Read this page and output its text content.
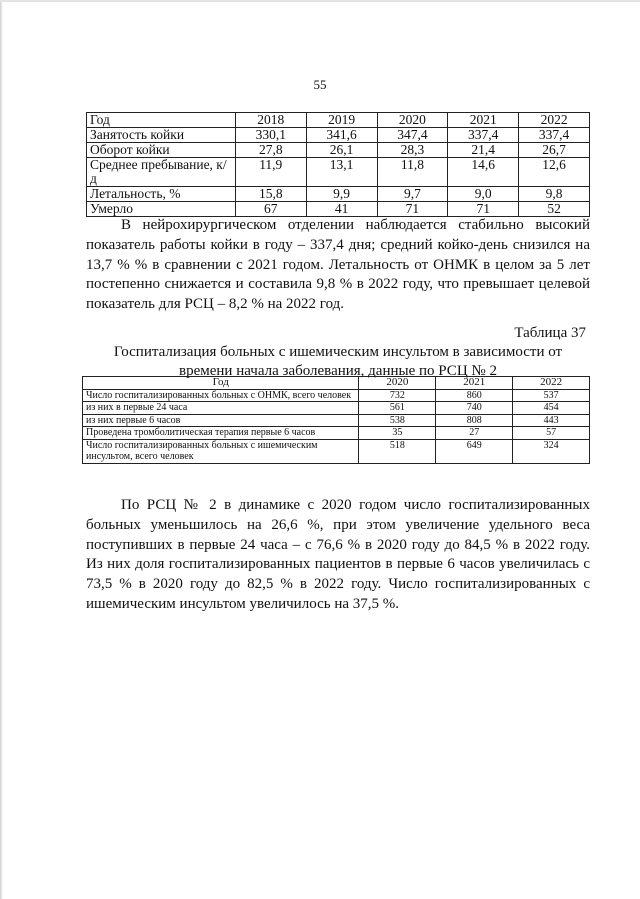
55
Год	2018	2019	2020	2021	2022
Занятость койки	330,1	341,6	347,4	337,4	337,4
Оборот койки	27,8	26,1	28,3	21,4	26,7
Среднее пребывание, к/д	11,9	13,1	11,8	14,6	12,6
Летальность, %	15,8	9,9	9,7	9,0	9,8
Умерло	67	41	71	71	52

В нейрохирургическом отделении наблюдается стабильно высокий показатель работы койки в году – 337,4 дня; средний койко-день снизился на 13,7 % % в сравнении с 2021 годом. Летальность от ОНМК в целом за 5 лет постепенно снижается и составила 9,8 % в 2022 году, что превышает целевой показатель для РСЦ – 8,2 % на 2022 год.

Таблица 37
Госпитализация больных с ишемическим инсультом в зависимости от времени начала заболевания, данные по РСЦ № 2
Год	2020	2021	2022
Число госпитализированных больных с ОНМК, всего человек	732	860	537
из них в первые 24 часа	561	740	454
из них первые 6 часов	538	808	443
Проведена тромболитическая терапия первые 6 часов	35	27	57
Число госпитализированных больных с ишемическим инсультом, всего человек	518	649	324

По РСЦ № 2 в динамике с 2020 годом число госпитализированных больных уменьшилось на 26,6 %, при этом увеличение удельного веса поступивших в первые 24 часа – с 76,6 % в 2020 году до 84,5 % в 2022 году. Из них доля госпитализированных пациентов в первые 6 часов увеличилась с 73,5 % в 2020 году до 82,5 % в 2022 году. Число госпитализированных с ишемическим инсультом увеличилось на 37,5 %.
